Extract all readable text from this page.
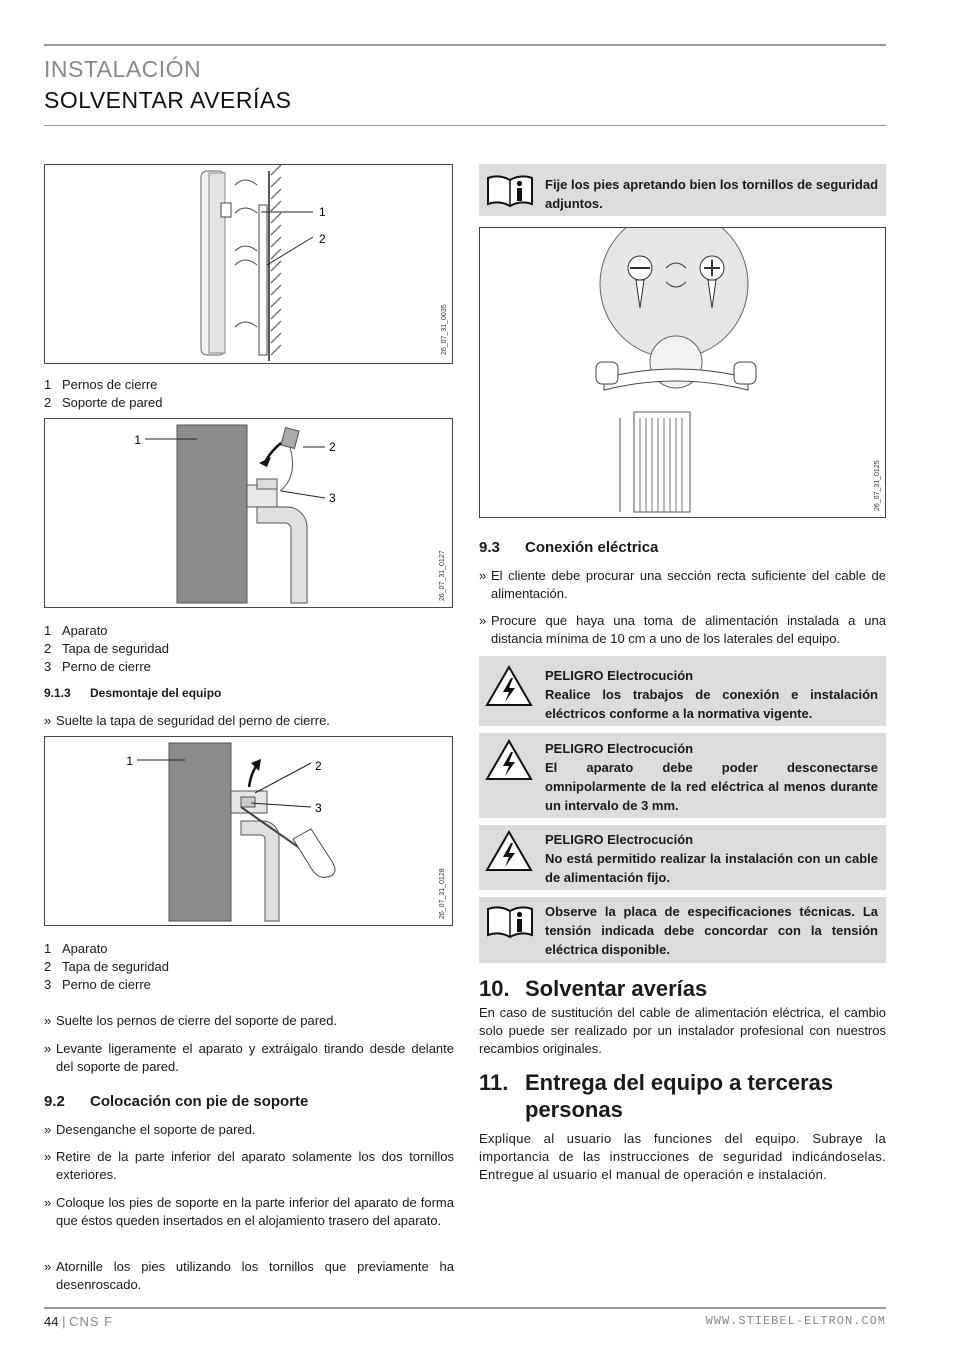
INSTALACIÓN
SOLVENTAR AVERÍAS
1
2
26_07_31_0035
1 Pernos de cierre
2 Soporte de pared
1	2
3
26_07_31_0127
1 Aparato
2 Tapa de seguridad
3 Perno de cierre
9.1.3 Desmontaje del equipo
» Suelte la tapa de seguridad del perno de cierre.
1	2
3
26_07_31_0128
1 Aparato
2 Tapa de seguridad
3 Perno de cierre
» Suelte los pernos de cierre del soporte de pared.
» Levante ligeramente el aparato y extráigalo tirando desde delante del soporte de pared.
9.2 Colocación con pie de soporte
» Desenganche el soporte de pared.
» Retire de la parte inferior del aparato solamente los dos tornillos exteriores.
» Coloque los pies de soporte en la parte inferior del aparato de forma que éstos queden insertados en el alojamiento trasero del aparato.
» Atornille los pies utilizando los tornillos que previamente ha desenroscado.
Fije los pies apretando bien los tornillos de seguridad adjuntos.
26_07_31_0125
9.3 Conexión eléctrica
» El cliente debe procurar una sección recta suficiente del cable de alimentación.
» Procure que haya una toma de alimentación instalada a una distancia mínima de 10 cm a uno de los laterales del equipo.
PELIGRO Electrocución
Realice los trabajos de conexión e instalación eléctricos conforme a la normativa vigente.
PELIGRO Electrocución
El aparato debe poder desconectarse omnipolarmente de la red eléctrica al menos durante un intervalo de 3 mm.
PELIGRO Electrocución
No está permitido realizar la instalación con un cable de alimentación fijo.
Observe la placa de especificaciones técnicas. La tensión indicada debe concordar con la tensión eléctrica disponible.
10. Solventar averías
En caso de sustitución del cable de alimentación eléctrica, el cambio solo puede ser realizado por un instalador profesional con nuestros recambios originales.
11. Entrega del equipo a terceras
personas
Explique al usuario las funciones del equipo. Subraye la importancia de las instrucciones de seguridad indicándoselas. Entregue al usuario el manual de operación e instalación.
44 | CNS F	WWW.STIEBEL-ELTRON.COM
